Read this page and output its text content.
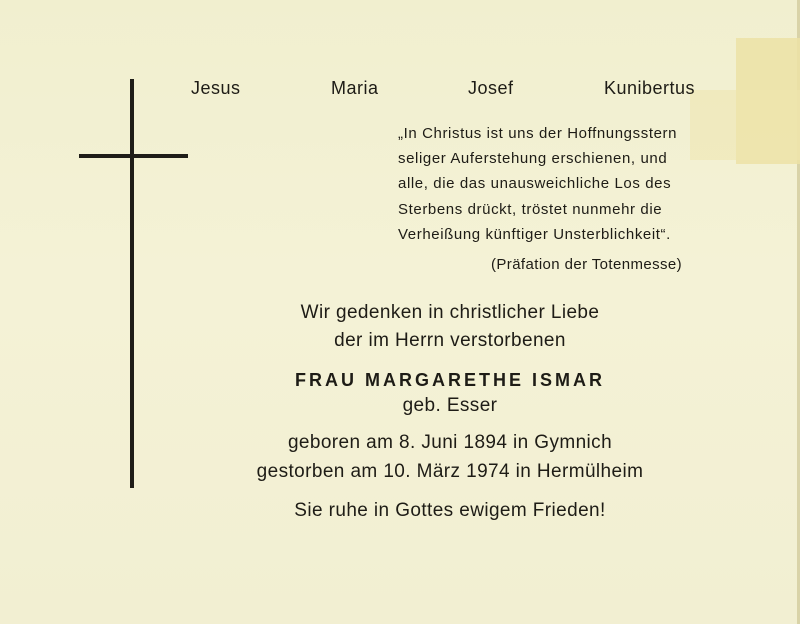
Jesus	Maria	Josef	Kunibertus
„In Christus ist uns der Hoffnungsstern
seliger Auferstehung erschienen, und
alle, die das unausweichliche Los des
Sterbens drückt, tröstet nunmehr die
Verheißung künftiger Unsterblichkeit“.
(Präfation der Totenmesse)
Wir gedenken in christlicher Liebe
der im Herrn verstorbenen
FRAU MARGARETHE ISMAR
geb. Esser
geboren am 8. Juni 1894 in Gymnich
gestorben am 10. März 1974 in Hermülheim
Sie ruhe in Gottes ewigem Frieden!
